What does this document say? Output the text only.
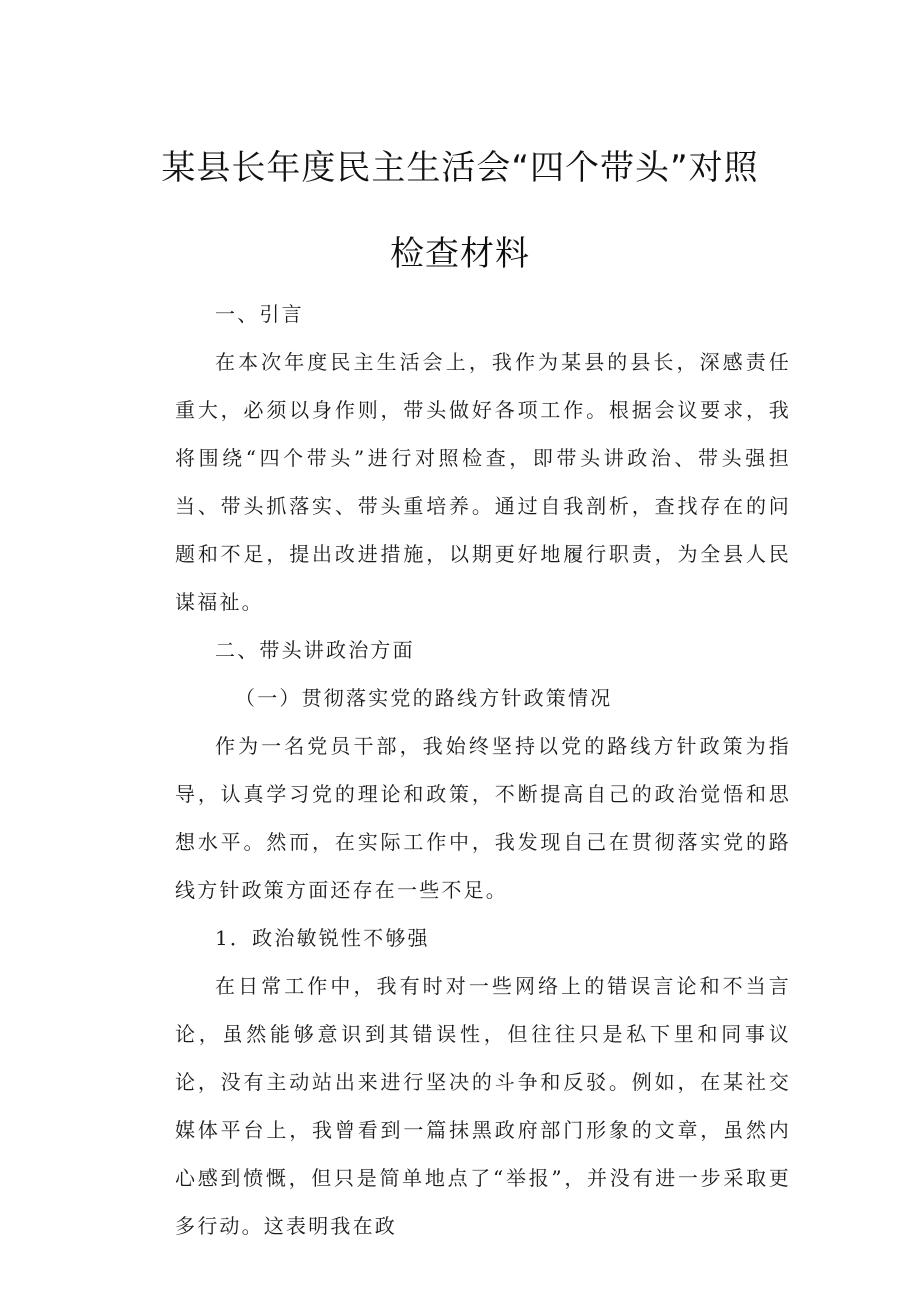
某县长年度民主生活会“四个带头”对照
检查材料

一、引言

在本次年度民主生活会上，我作为某县的县长，深感责任重大，必须以身作则，带头做好各项工作。根据会议要求，我将围绕“四个带头”进行对照检查，即带头讲政治、带头强担当、带头抓落实、带头重培养。通过自我剖析，查找存在的问题和不足，提出改进措施，以期更好地履行职责，为全县人民谋福祉。

二、带头讲政治方面

（一）贯彻落实党的路线方针政策情况

作为一名党员干部，我始终坚持以党的路线方针政策为指导，认真学习党的理论和政策，不断提高自己的政治觉悟和思想水平。然而，在实际工作中，我发现自己在贯彻落实党的路线方针政策方面还存在一些不足。

1．政治敏锐性不够强

在日常工作中，我有时对一些网络上的错误言论和不当言论，虽然能够意识到其错误性，但往往只是私下里和同事议论，没有主动站出来进行坚决的斗争和反驳。例如，在某社交媒体平台上，我曾看到一篇抹黑政府部门形象的文章，虽然内心感到愤慨，但只是简单地点了“举报”，并没有进一步采取更多行动。这表明我在政
